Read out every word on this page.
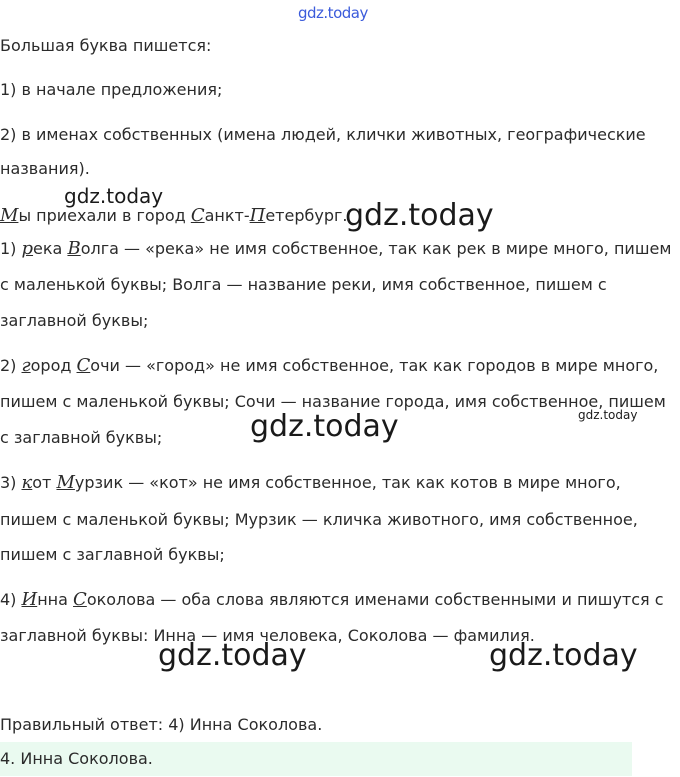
gdz.today
Большая буква пишется:
1) в начале предложения;
2) в именах собственных (имена людей, клички животных, географические
названия).
Мы приехали в город Санкт-Петербург.
1) река Волга — «река» не имя собственное, так как рек в мире много, пишем
с маленькой буквы; Волга — название реки, имя собственное, пишем с
заглавной буквы;
2) город Сочи — «город» не имя собственное, так как городов в мире много,
пишем с маленькой буквы; Сочи — название города, имя собственное, пишем
с заглавной буквы;
3) кот Мурзик — «кот» не имя собственное, так как котов в мире много,
пишем с маленькой буквы; Мурзик — кличка животного, имя собственное,
пишем с заглавной буквы;
4) Инна Соколова — оба слова являются именами собственными и пишутся с
заглавной буквы: Инна — имя человека, Соколова — фамилия.
Правильный ответ: 4) Инна Соколова.
4. Инна Соколова.
gdz.today
gdz.today
gdz.today
gdz.today
gdz.today	gdz.today
